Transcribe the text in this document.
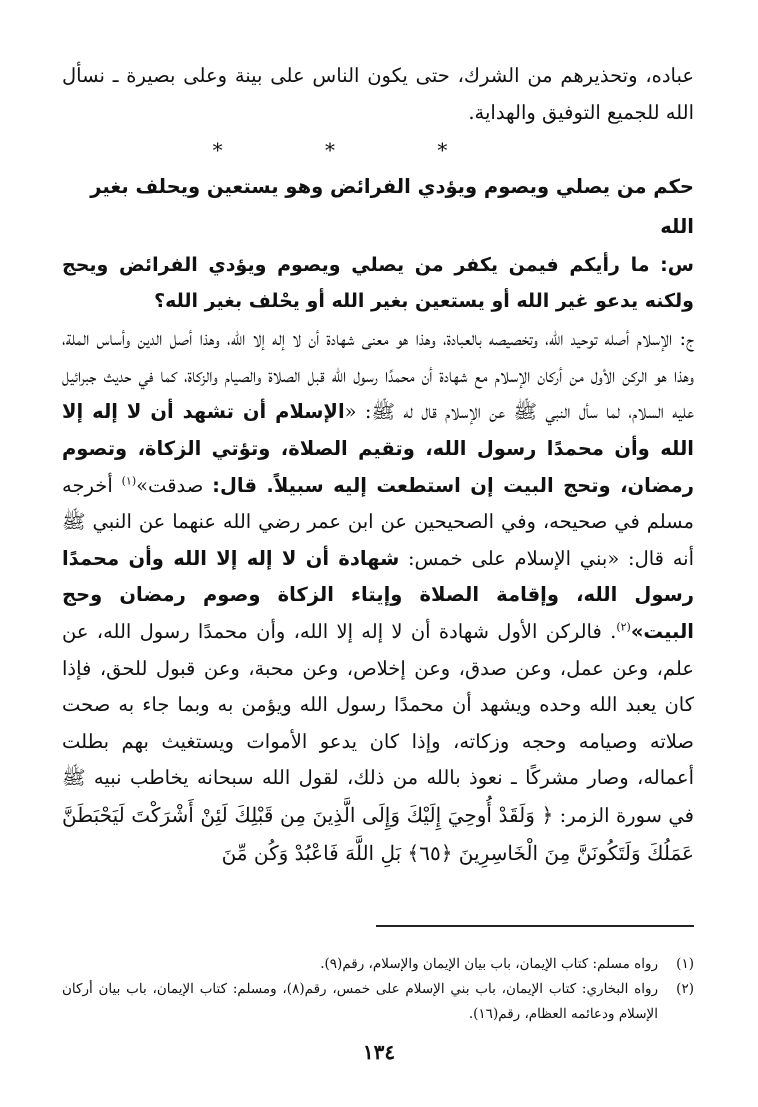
عباده، وتحذيرهم من الشرك، حتى يكون الناس على بينة وعلى بصيرة ـ نسأل الله للجميع التوفيق والهداية.

* * *
حكم من يصلي ويصوم ويؤدي الفرائض وهو يستعين ويحلف بغير الله

س: ما رأيكم فيمن يكفر من يصلي ويصوم ويؤدي الفرائض ويحج ولكنه يدعو غير الله أو يستعين بغير الله أو يحْلف بغير الله؟

ج: الإسلام أصله توحيد الله، وتخصيصه بالعبادة، وهذا هو معنى شهادة أن لا إله إلا الله، وهذا أصل الدين وأساس الملة، وهذا هو الركن الأول من أركان الإسلام مع شهادة أن محمدًا رسول الله قبل الصلاة والصيام والزكاة، كما في حديث جبرائيل عليه السلام، لما سأل النبي ﷺ عن الإسلام قال له ﷺ: «الإسلام أن تشهد أن لا إله إلا الله وأن محمدًا رسول الله، وتقيم الصلاة، وتؤتي الزكاة، وتصوم رمضان، وتحج البيت إن استطعت إليه سبيلاً. قال: صدقت»$^{(١)}$ أخرجه مسلم في صحيحه، وفي الصحيحين عن ابن عمر رضي الله عنهما عن النبي ﷺ أنه قال: «بني الإسلام على خمس: شهادة أن لا إله إلا الله وأن محمدًا رسول الله، وإقامة الصلاة وإيتاء الزكاة وصوم رمضان وحج البيت»$^{(٢)}$. فالركن الأول شهادة أن لا إله إلا الله، وأن محمدًا رسول الله، عن علم، وعن عمل، وعن صدق، وعن إخلاص، وعن محبة، وعن قبول للحق، فإذا كان يعبد الله وحده ويشهد أن محمدًا رسول الله ويؤمن به وبما جاء به صحت صلاته وصيامه وحجه وزكاته، وإذا كان يدعو الأموات ويستغيث بهم بطلت أعماله، وصار مشركًا ـ نعوذ بالله من ذلك، لقول الله سبحانه يخاطب نبيه ﷺ في سورة الزمر: ﴿ وَلَقَدْ أُوحِيَ إِلَيْكَ وَإِلَى الَّذِينَ مِن قَبْلِكَ لَئِنْ أَشْرَكْتَ لَيَحْبَطَنَّ عَمَلُكَ وَلَتَكُونَنَّ مِنَ الْخَاسِرِينَ ﴿٦٥﴾ بَلِ اللَّهَ فَاعْبُدْ وَكُن مِّنَ

(١)
رواه مسلم: كتاب الإيمان، باب بيان الإيمان والإسلام، رقم(٩).

(٢)
رواه البخاري: كتاب الإيمان، باب بني الإسلام على خمس، رقم(٨)، ومسلم: كتاب الإيمان، باب بيان أركان الإسلام ودعائمه العظام، رقم(١٦).

١٣٤
